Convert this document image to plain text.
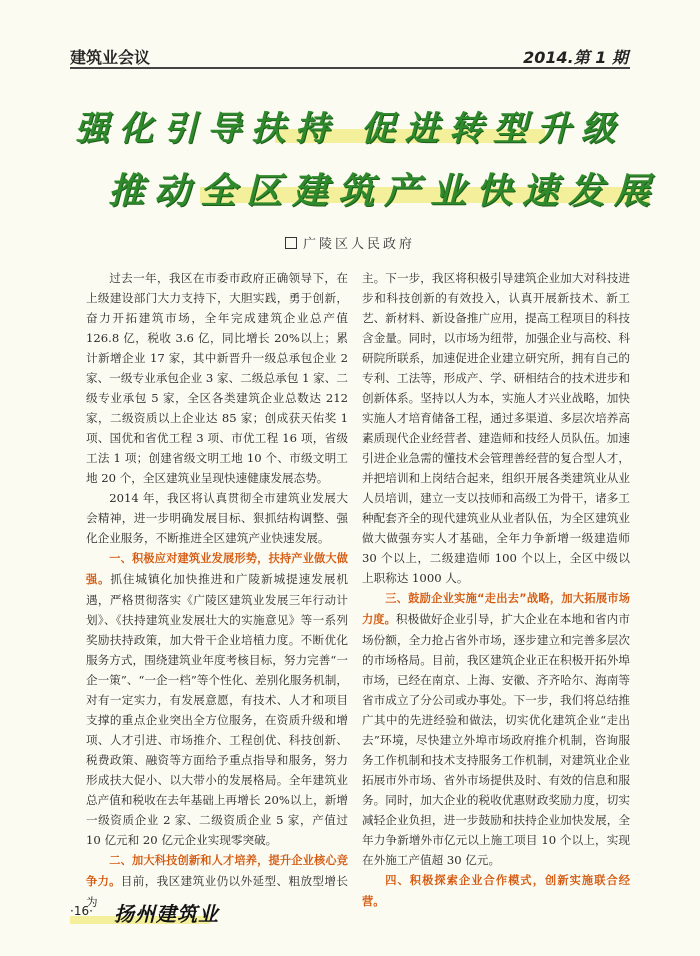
建筑业会议	2014.第 1 期
强化引导扶持 促进转型升级
推动全区建筑产业快速发展
广陵区人民政府

过去一年，我区在市委市政府正确领导下，在上级建设部门大力支持下，大胆实践，勇于创新，奋力开拓建筑市场，全年完成建筑企业总产值 126.8 亿，税收 3.6 亿，同比增长 20%以上；累计新增企业 17 家，其中新晋升一级总承包企业 2 家、一级专业承包企业 3 家、二级总承包 1 家、二级专业承包 5 家，全区各类建筑企业总数达 212 家，二级资质以上企业达 85 家；创成获天佑奖 1 项、国优和省优工程 3 项、市优工程 16 项，省级工法 1 项；创建省级文明工地 10 个、市级文明工地 20 个，全区建筑业呈现快速健康发展态势。

2014 年，我区将认真贯彻全市建筑业发展大会精神，进一步明确发展目标、狠抓结构调整、强化企业服务，不断推进全区建筑产业快速发展。

一、积极应对建筑业发展形势，扶持产业做大做强。抓住城镇化加快推进和广陵新城提速发展机遇，严格贯彻落实《广陵区建筑业发展三年行动计划》、《扶持建筑业发展壮大的实施意见》等一系列奖励扶持政策，加大骨干企业培植力度。不断优化服务方式，围绕建筑业年度考核目标，努力完善“一企一策”、“一企一档”等个性化、差别化服务机制，对有一定实力，有发展意愿，有技术、人才和项目支撑的重点企业突出全方位服务，在资质升级和增项、人才引进、市场推介、工程创优、科技创新、税费政策、融资等方面给予重点指导和服务，努力形成扶大促小、以大带小的发展格局。全年建筑业总产值和税收在去年基础上再增长 20%以上，新增一级资质企业 2 家、二级资质企业 5 家，产值过 10 亿元和 20 亿元企业实现零突破。

二、加大科技创新和人才培养，提升企业核心竞争力。目前，我区建筑业仍以外延型、粗放型增长为

主。下一步，我区将积极引导建筑企业加大对科技进步和科技创新的有效投入，认真开展新技术、新工艺、新材料、新设备推广应用，提高工程项目的科技含金量。同时，以市场为纽带，加强企业与高校、科研院所联系，加速促进企业建立研究所，拥有自己的专利、工法等，形成产、学、研相结合的技术进步和创新体系。坚持以人为本，实施人才兴业战略，加快实施人才培育储备工程，通过多渠道、多层次培养高素质现代企业经营者、建造师和技经人员队伍。加速引进企业急需的懂技术会管理善经营的复合型人才，并把培训和上岗结合起来，组织开展各类建筑业从业人员培训，建立一支以技师和高级工为骨干，诸多工种配套齐全的现代建筑业从业者队伍，为全区建筑业做大做强夯实人才基础，全年力争新增一级建造师 30 个以上，二级建造师 100 个以上，全区中级以上职称达 1000 人。

三、鼓励企业实施“走出去”战略，加大拓展市场力度。积极做好企业引导，扩大企业在本地和省内市场份额，全力抢占省外市场，逐步建立和完善多层次的市场格局。目前，我区建筑企业正在积极开拓外埠市场，已经在南京、上海、安徽、齐齐哈尔、海南等省市成立了分公司或办事处。下一步，我们将总结推广其中的先进经验和做法，切实优化建筑企业“走出去”环境，尽快建立外埠市场政府推介机制，咨询服务工作机制和技术支持服务工作机制，对建筑业企业拓展市外市场、省外市场提供及时、有效的信息和服务。同时，加大企业的税收优惠财政奖励力度，切实减轻企业负担，进一步鼓励和扶持企业加快发展，全年力争新增外市亿元以上施工项目 10 个以上，实现在外施工产值超 30 亿元。

四、积极探索企业合作模式，创新实施联合经营。

·16· 扬州建筑业
